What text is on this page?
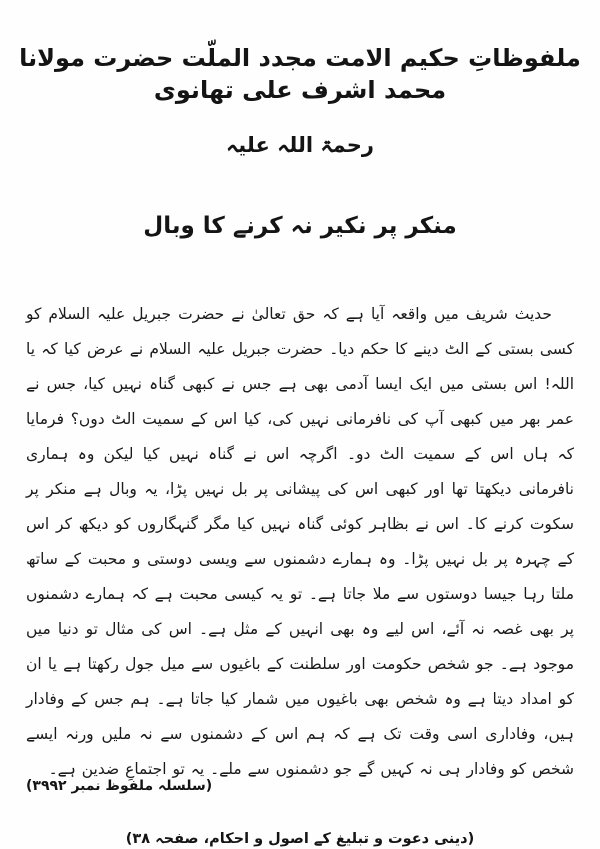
ملفوظاتِ حکیم الامت مجدد الملّت حضرت مولانا محمد اشرف علی تھانوی
رحمۃ اللہ علیہ
منکر پر نکیر نہ کرنے کا وبال
حدیث شریف میں واقعہ آیا ہے کہ حق تعالیٰ نے حضرت جبریل علیہ السلام کو کسی بستی کے الٹ دینے کا حکم دیا۔ حضرت جبریل علیہ السلام نے عرض کیا کہ یا اللہ! اس بستی میں ایک ایسا آدمی بھی ہے جس نے کبھی گناہ نہیں کیا، جس نے عمر بھر میں کبھی آپ کی نافرمانی نہیں کی، کیا اس کے سمیت الٹ دوں؟ فرمایا کہ ہاں اس کے سمیت الٹ دو۔ اگرچہ اس نے گناہ نہیں کیا لیکن وہ ہماری نافرمانی دیکھتا تھا اور کبھی اس کی پیشانی پر بل نہیں پڑا، یہ وبال ہے منکر پر سکوت کرنے کا۔ اس نے بظاہر کوئی گناہ نہیں کیا مگر گنہگاروں کو دیکھ کر اس کے چہرہ پر بل نہیں پڑا۔ وہ ہمارے دشمنوں سے ویسی دوستی و محبت کے ساتھ ملتا رہا جیسا دوستوں سے ملا جاتا ہے۔ تو یہ کیسی محبت ہے کہ ہمارے دشمنوں پر بھی غصہ نہ آئے، اس لیے وہ بھی انہیں کے مثل ہے۔ اس کی مثال تو دنیا میں موجود ہے۔ جو شخص حکومت اور سلطنت کے باغیوں سے میل جول رکھتا ہے یا ان کو امداد دیتا ہے وہ شخص بھی باغیوں میں شمار کیا جاتا ہے۔ ہم جس کے وفادار ہیں، وفاداری اسی وقت تک ہے کہ ہم اس کے دشمنوں سے نہ ملیں ورنہ ایسے شخص کو وفادار ہی نہ کہیں گے جو دشمنوں سے ملے۔ یہ تو اجتماعِ ضدین ہے۔
(دینی دعوت و تبلیغ کے اصول و احکام، صفحہ ۳۸)
(سلسلہ ملفوظ نمبر ۳۹۹۲)
